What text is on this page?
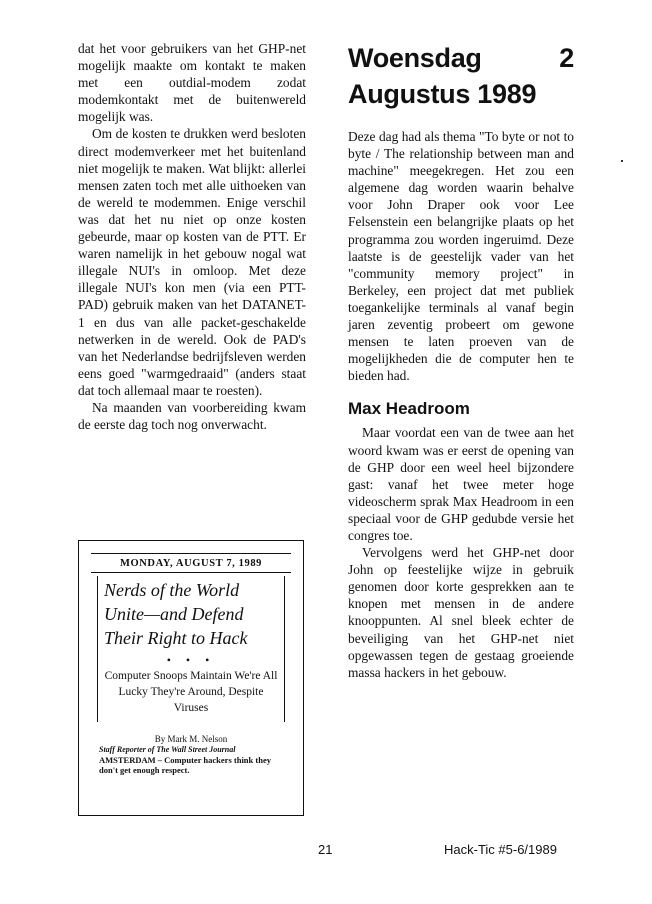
dat het voor gebruikers van het GHP-net mogelijk maakte om kontakt te maken met een outdial-modem zodat modemkontakt met de buitenwereld mogelijk was.

Om de kosten te drukken werd besloten direct modemverkeer met het buitenland niet mogelijk te maken. Wat blijkt: allerlei mensen zaten toch met alle uithoeken van de wereld te modemmen. Enige verschil was dat het nu niet op onze kosten gebeurde, maar op kosten van de PTT. Er waren namelijk in het gebouw nogal wat illegale NUI's in omloop. Met deze illegale NUI's kon men (via een PTT-PAD) gebruik maken van het DATANET-1 en dus van alle packet-geschakelde netwerken in de wereld. Ook de PAD's van het Nederlandse bedrijfsleven werden eens goed "warmgedraaid" (anders staat dat toch allemaal maar te roesten).

Na maanden van voorbereiding kwam de eerste dag toch nog onverwacht.

MONDAY, AUGUST 7, 1989
Nerds of the World Unite—and Defend Their Right to Hack
• • •
Computer Snoops Maintain We're All Lucky They're Around, Despite Viruses
By Mark M. Nelson
Staff Reporter of The Wall Street Journal
AMSTERDAM – Computer hackers think they don't get enough respect.
Woensdag 2 Augustus 1989

Deze dag had als thema "To byte or not to byte / The relationship between man and machine" meegekregen. Het zou een algemene dag worden waarin behalve voor John Draper ook voor Lee Felsenstein een belangrijke plaats op het programma zou worden ingeruimd. Deze laatste is de geestelijk vader van het "community memory project" in Berkeley, een project dat met publiek toegankelijke terminals al vanaf begin jaren zeventig probeert om gewone mensen te laten proeven van de mogelijkheden die de computer hen te bieden had.

Max Headroom

Maar voordat een van de twee aan het woord kwam was er eerst de opening van de GHP door een weel heel bijzondere gast: vanaf het twee meter hoge videoscherm sprak Max Headroom in een speciaal voor de GHP gedubde versie het congres toe.

Vervolgens werd het GHP-net door John op feestelijke wijze in gebruik genomen door korte gesprekken aan te knopen met mensen in de andere knooppunten. Al snel bleek echter de beveiliging van het GHP-net niet opgewassen tegen de gestaag groeiende massa hackers in het gebouw.

21	Hack-Tic #5-6/1989
